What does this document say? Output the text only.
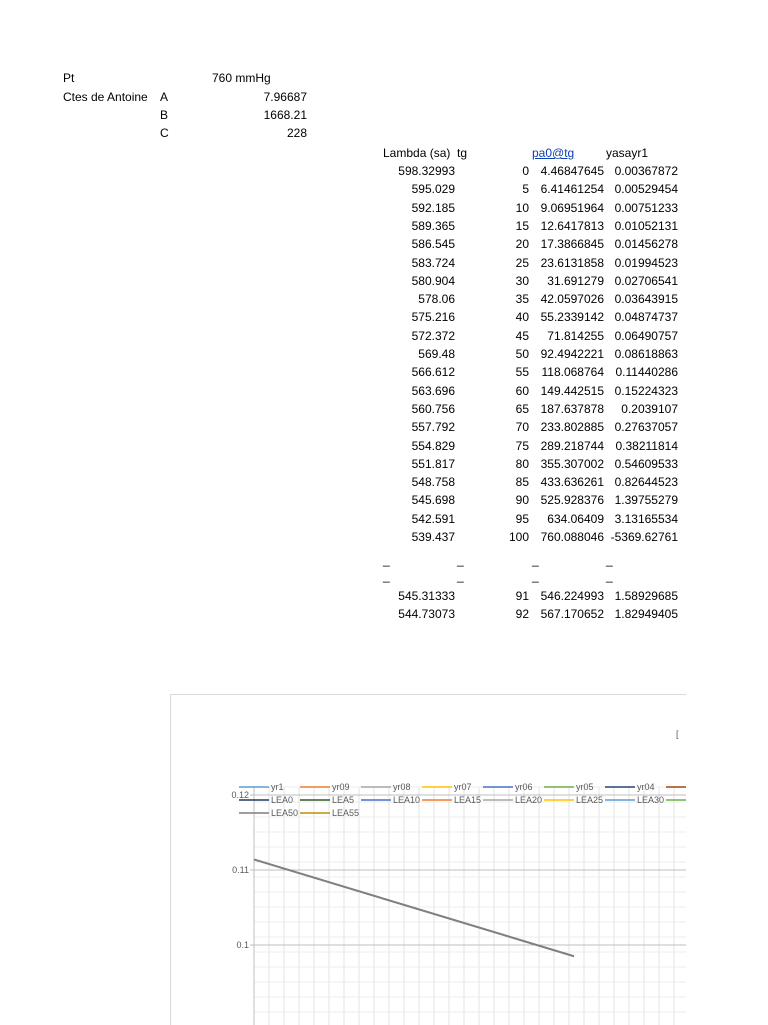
Pt	760 mmHg
Ctes de Antoine A	7.96687
B	1668.21
C	228
Lambda (sa) tg	pa0@tg	yasayr1
598.32993	0 4.46847645 0.00367872
595.029	5 6.41461254 0.00529454
592.185	10 9.06951964 0.00751233
589.365	15 12.6417813 0.01052131
586.545	20 17.3866845 0.01456278
583.724	25 23.6131858 0.01994523
580.904	30	31.691279 0.02706541
578.06	35 42.0597026 0.03643915
575.216	40 55.2339142 0.04874737
572.372	45	71.814255 0.06490757
569.48	50 92.4942221 0.08618863
566.612	55	118.068764 0.11440286
563.696	60 149.442515 0.15224323
560.756	65 187.637878	0.2039107
557.792	70 233.802885 0.27637057
554.829	75 289.218744 0.38211814
551.817	80 355.307002 0.54609533
548.758	85 433.636261 0.82644523
545.698	90 525.928376 1.39755279
542.591	95	634.06409 3.13165534
539.437	100 760.088046 -5369.62761
_	_	_	_
_	_	_	_
545.31333	91 546.224993 1.58929685
544.73073	92 567.170652 1.82949405
[
0.12
0.11
0.1
yr1	yr09	yr08	yr07	yr06	yr05	yr04
LEA0	LEA5	LEA10	LEA15	LEA20	LEA25	LEA30
LEA50	LEA55
